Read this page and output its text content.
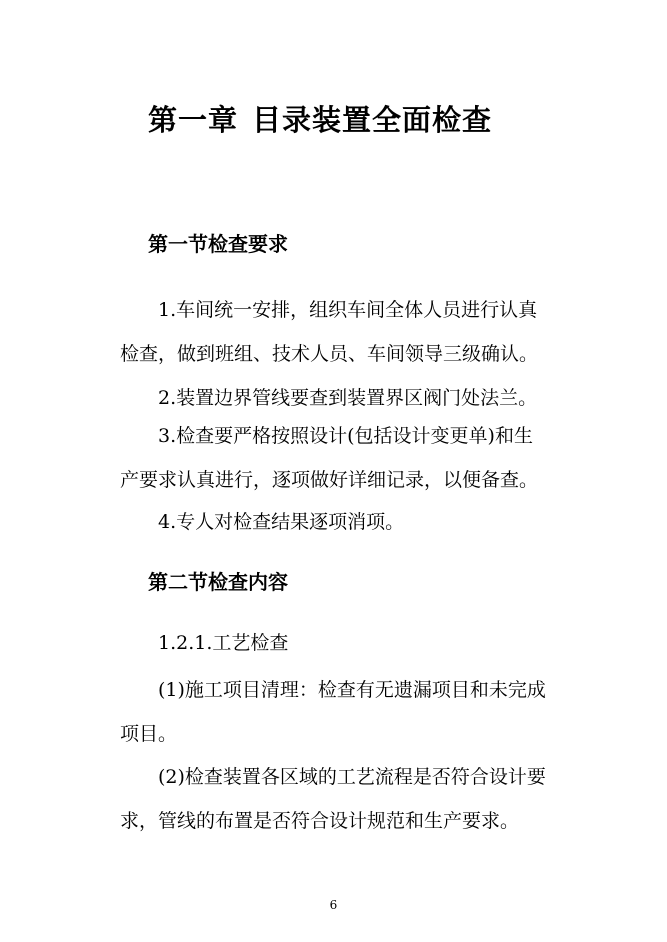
第一章 目录装置全面检查
第一节检查要求

1.车间统一安排，组织车间全体人员进行认真检查，做到班组、技术人员、车间领导三级确认。

2.装置边界管线要查到装置界区阀门处法兰。

3.检查要严格按照设计(包括设计变更单)和生产要求认真进行，逐项做好详细记录，以便备查。

4.专人对检查结果逐项消项。

第二节检查内容

1.2.1.工艺检查

(1)施工项目清理：检查有无遗漏项目和未完成项目。

(2)检查装置各区域的工艺流程是否符合设计要求，管线的布置是否符合设计规范和生产要求。

6
